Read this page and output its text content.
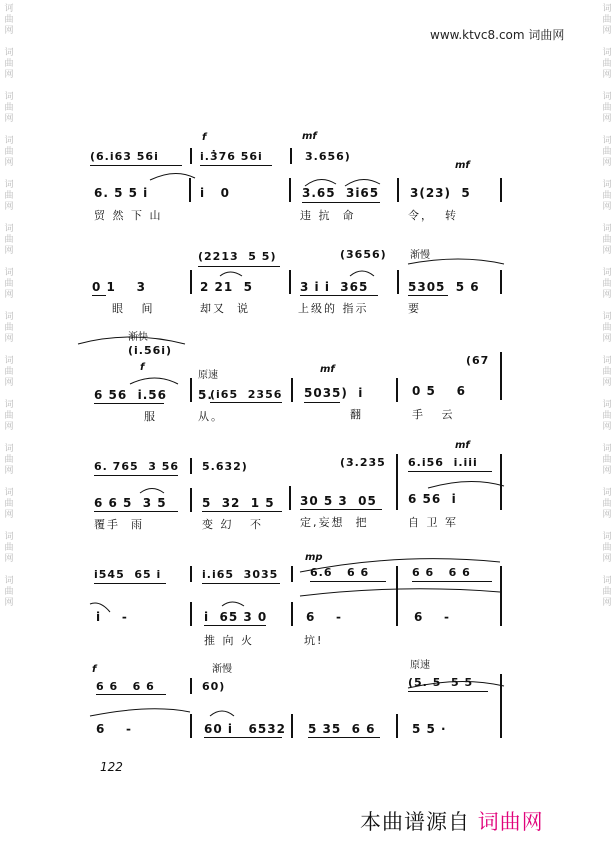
诃
曲
网

词
曲
网

词
曲
网

词
曲
网

词
曲
网

词
曲
网

词
曲
网

词
曲
网

词
曲
网

词
曲
网

词
曲
网

词
曲
网

词
曲
网

词
曲
网
词
曲
网

词
曲
网

词
曲
网

词
曲
网

词
曲
网

词
曲
网

词
曲
网

词
曲
网

词
曲
网

词
曲
网

词
曲
网

词
曲
网

词
曲
网

词
曲
网
www.ktvc8.com 词曲网
f	mf
mf
(6.i63 56i	i.3̇76 56i	3.656)
6. 5 5 i	i   0	3.65  3i65	3(23)  5
贸 然 下 山	违 抗  命	令，  转
渐慢
(2213  5 5)	(3656)
0 1    3	2 21  5	3 i i  365	5305  5 6
眼   间	却又  说	上级的 指示	要
渐快
原速
f	mf
(i.56i)
(i65  2356
(67
6 56  i.56	5.	5035)  i	0 5    6
服	从。	翻	手   云
mf
6. 765  3 56 5.632)	(3.235 6.i56  i.iii
6 6 5  3 5	5  32  1 5 30 5 3  05	6 56  i
覆手  雨	变 幻   不	定,妄想  把	自 卫 军
mp
i545  65 i	i.i65  3035	6.6   6 6	6 6   6 6
i    -	i  65 3 0	6    -	6    -
推 向 火	坑!
渐慢	原速
f
6 6   6 6	60)	(5. 5  5 5
6    -	60 i   6532 5 35  6 6	5 5 ·
122
本曲谱源自 词曲网
